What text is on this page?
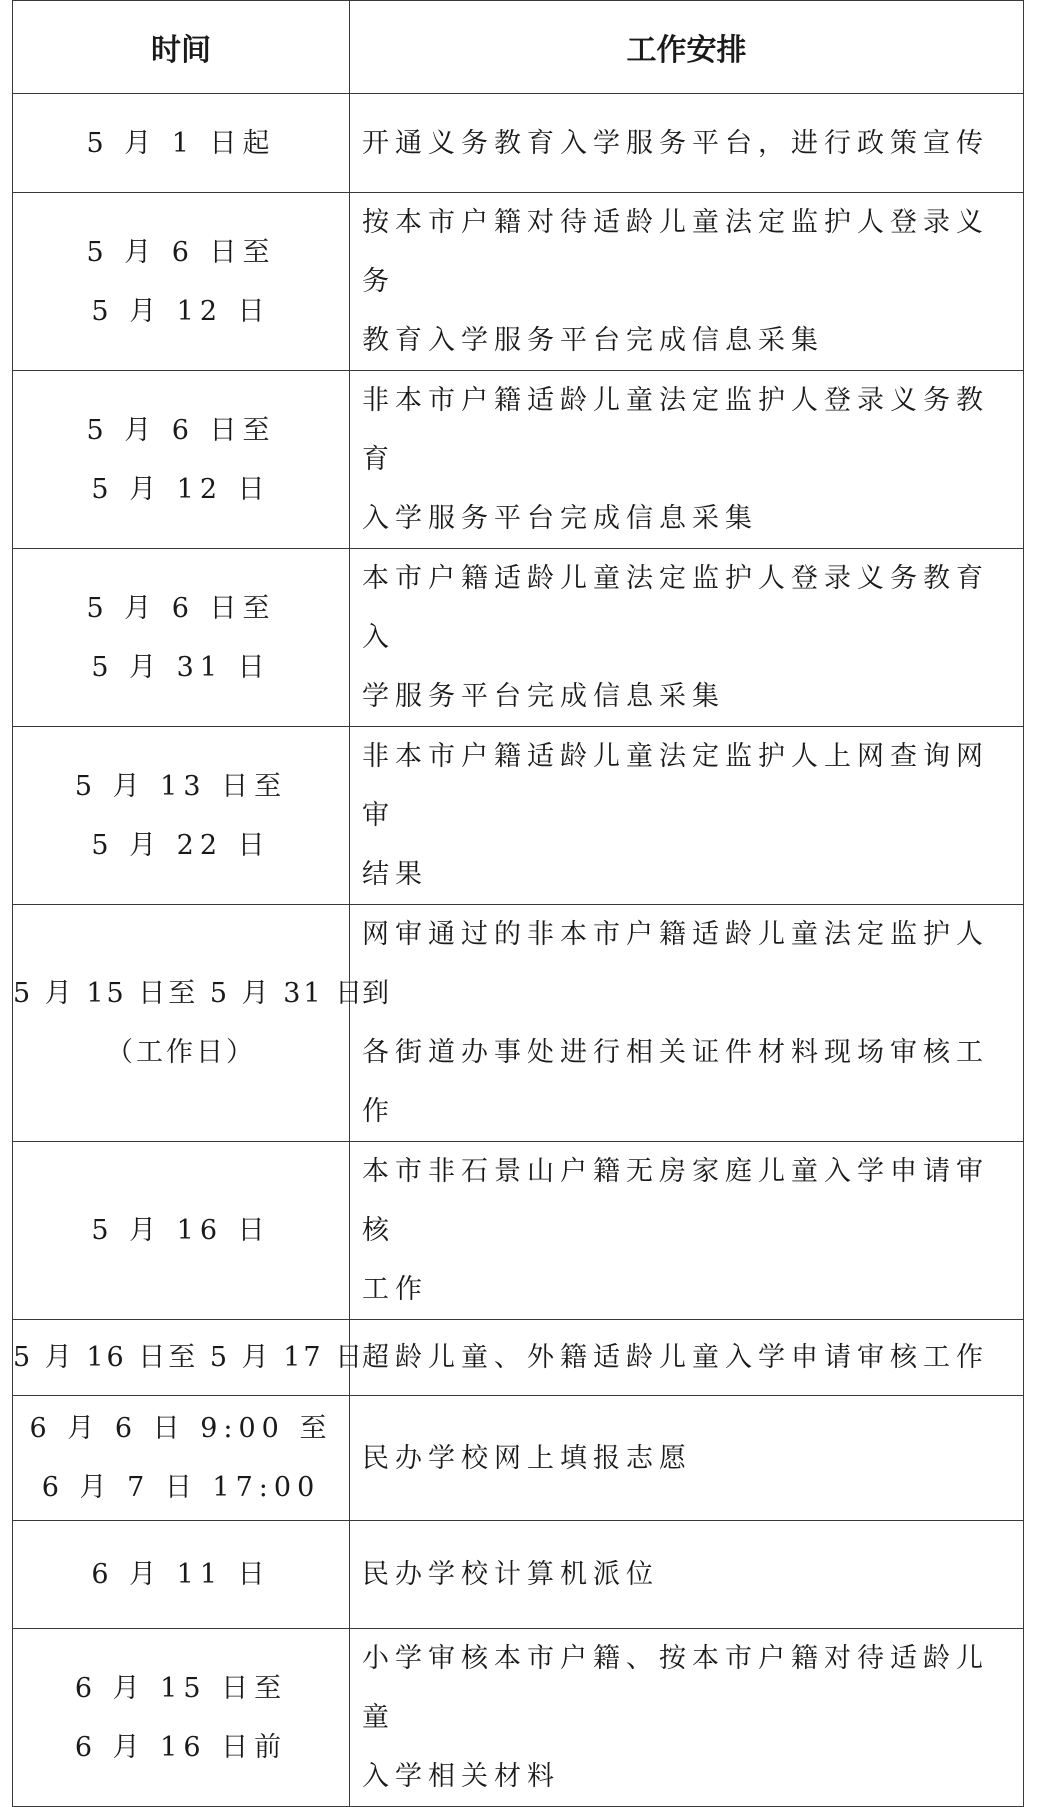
时间	工作安排

5 月 1 日起	开通义务教育入学服务平台，进行政策宣传

5 月 6 日至
5 月 12 日	按本市户籍对待适龄儿童法定监护人登录义务
教育入学服务平台完成信息采集

5 月 6 日至
5 月 12 日	非本市户籍适龄儿童法定监护人登录义务教育
入学服务平台完成信息采集

5 月 6 日至
5 月 31 日	本市户籍适龄儿童法定监护人登录义务教育入
学服务平台完成信息采集

5 月 13 日至
5 月 22 日	非本市户籍适龄儿童法定监护人上网查询网审
结果

5 月 15 日至 5 月 31 日
（工作日）	网审通过的非本市户籍适龄儿童法定监护人到
各街道办事处进行相关证件材料现场审核工作

5 月 16 日	本市非石景山户籍无房家庭儿童入学申请审核
工作

5 月 16 日至 5 月 17 日	超龄儿童、外籍适龄儿童入学申请审核工作

6 月 6 日 9:00 至
6 月 7 日 17:00	民办学校网上填报志愿

6 月 11 日	民办学校计算机派位

6 月 15 日至
6 月 16 日前	小学审核本市户籍、按本市户籍对待适龄儿童
入学相关材料
